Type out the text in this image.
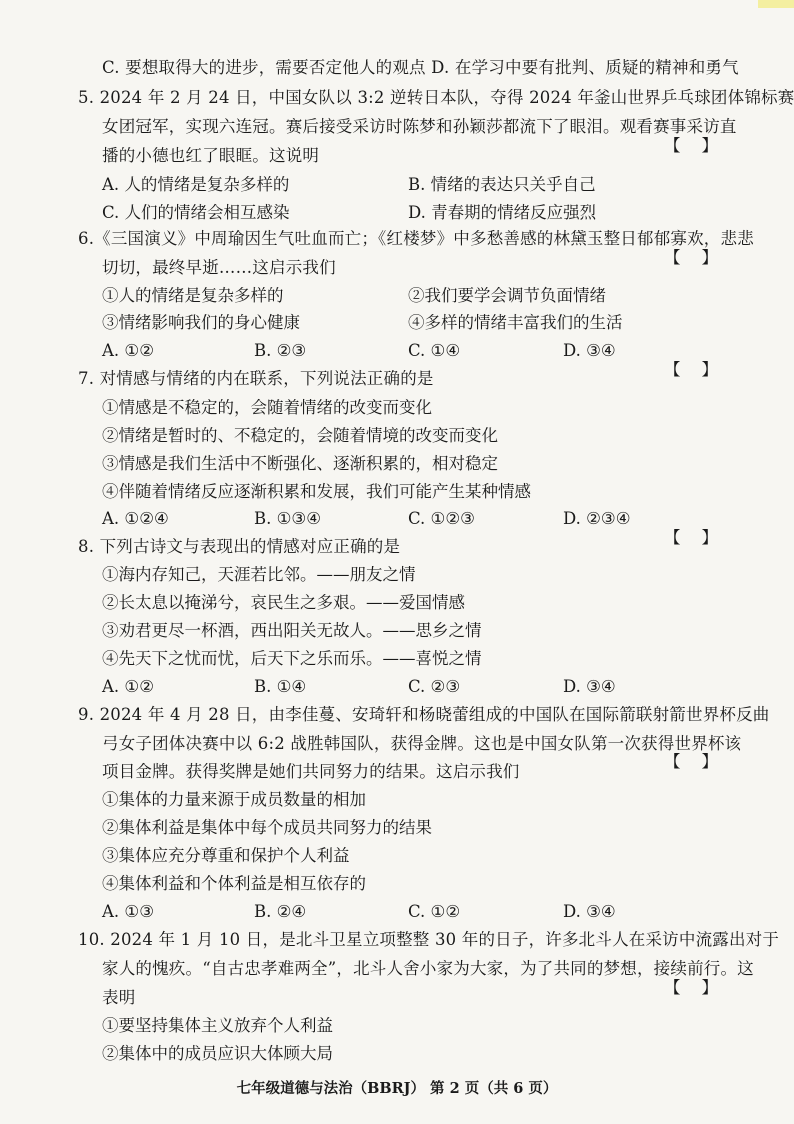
C. 要想取得大的进步，需要否定他人的观点 D. 在学习中要有批判、质疑的精神和勇气
5. 2024 年 2 月 24 日，中国女队以 3:2 逆转日本队，夺得 2024 年釜山世界乒乓球团体锦标赛
女团冠军，实现六连冠。赛后接受采访时陈梦和孙颖莎都流下了眼泪。观看赛事采访直
播的小德也红了眼眶。这说明
【    】
A. 人的情绪是复杂多样的	B. 情绪的表达只关乎自己
C. 人们的情绪会相互感染	D. 青春期的情绪反应强烈
6.《三国演义》中周瑜因生气吐血而亡；《红楼梦》中多愁善感的林黛玉整日郁郁寡欢，悲悲
切切，最终早逝……这启示我们
【    】
①人的情绪是复杂多样的	②我们要学会调节负面情绪
③情绪影响我们的身心健康	④多样的情绪丰富我们的生活
A. ①②	B. ②③	C. ①④	D. ③④
7. 对情感与情绪的内在联系，下列说法正确的是	【    】
①情感是不稳定的，会随着情绪的改变而变化
②情绪是暂时的、不稳定的，会随着情境的改变而变化
③情感是我们生活中不断强化、逐渐积累的，相对稳定
④伴随着情绪反应逐渐积累和发展，我们可能产生某种情感
A. ①②④	B. ①③④	C. ①②③	D. ②③④
8. 下列古诗文与表现出的情感对应正确的是	【    】
①海内存知己，天涯若比邻。——朋友之情
②长太息以掩涕兮，哀民生之多艰。——爱国情感
③劝君更尽一杯酒，西出阳关无故人。——思乡之情
④先天下之忧而忧，后天下之乐而乐。——喜悦之情
A. ①②	B. ①④	C. ②③	D. ③④
9. 2024 年 4 月 28 日，由李佳蔓、安琦轩和杨晓蕾组成的中国队在国际箭联射箭世界杯反曲
弓女子团体决赛中以 6:2 战胜韩国队，获得金牌。这也是中国女队第一次获得世界杯该
项目金牌。获得奖牌是她们共同努力的结果。这启示我们
【    】
①集体的力量来源于成员数量的相加
②集体利益是集体中每个成员共同努力的结果
③集体应充分尊重和保护个人利益
④集体利益和个体利益是相互依存的
A. ①③	B. ②④	C. ①②	D. ③④
10. 2024 年 1 月 10 日，是北斗卫星立项整整 30 年的日子，许多北斗人在采访中流露出对于
家人的愧疚。“自古忠孝难两全”，北斗人舍小家为大家，为了共同的梦想，接续前行。这
表明
【    】
①要坚持集体主义放弃个人利益
②集体中的成员应识大体顾大局
七年级道德与法治（BBRJ） 第 2 页（共 6 页）
